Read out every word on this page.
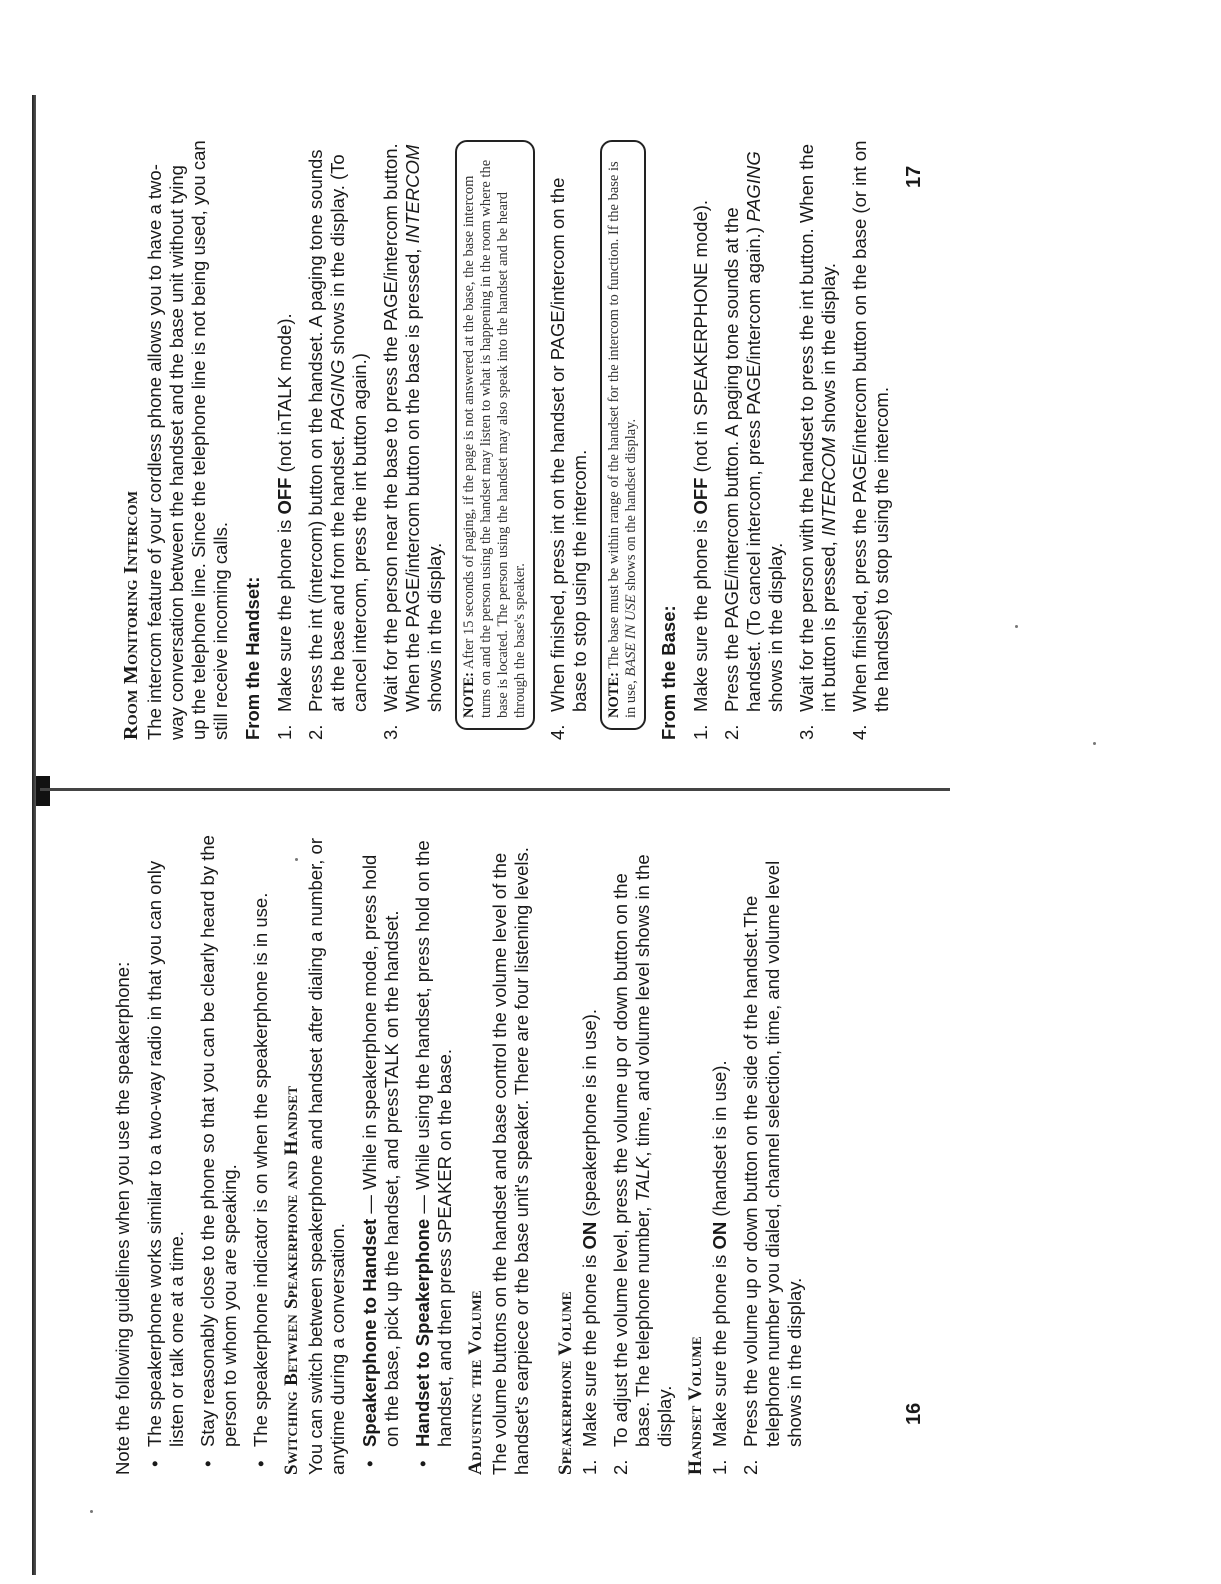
Note the following guidelines when you use the speakerphone: • The speakerphone works similar to a two-way radio in that you can only listen or talk one at a time. • Stay reasonably close to the phone so that you can be clearly heard by the person to whom you are speaking. • The speakerphone indicator is on when the speakerphone is in use. Switching Between Speakerphone and Handset You can switch between speakerphone and handset after dialing a number, or anytime during a conversation. • Speakerphone to Handset — While in speakerphone mode, press hold on the base, pick up the handset, and pressTALK on the handset. • Handset to Speakerphone — While using the handset, press hold on the handset, and then press SPEAKER on the base. Adjusting the Volume The volume buttons on the handset and base control the volume level of the handset's earpiece or the base unit's speaker. There are four listening levels. Speakerphone Volume 1.
Make sure the phone is ON (speakerphone is in use).
2.
To adjust the volume level, press the volume up or down button on the base. The telephone number, TALK, time, and volume level shows in the display. Handset Volume 1.
Make sure the phone is ON (handset is in use).
2.
Press the volume up or down button on the side of the handset.The telephone number you dialed, channel selection, time, and volume level shows in the display.
Room Monitoring Intercom The intercom feature of your cordless phone allows you to have a two-way conversation between the handset and the base unit without tying up the telephone line. Since the telephone line is not being used, you can still receive incoming calls. From the Handset: 1.
Make sure the phone is OFF (not inTALK mode).
2.
Press the int (intercom) button on the handset. A paging tone sounds at the base and from the handset. PAGING shows in the display. (To cancel intercom, press the int button again.)
3.
Wait for the person near the base to press the PAGE/intercom button. When the PAGE/intercom button on the base is pressed, INTERCOM shows in the display.	NOTE: After 15 seconds of paging, if the page is not answered at the base, the base intercom turns on and the person using the handset may listen to what is happening in the room where the base is located. The person using the handset may also speak into the handset and be heard through the base's speaker.
4.
When finished, press int on the handset or PAGE/intercom on the base to stop using the intercom.	NOTE: The base must be within range of the handset for the intercom to function. If the base is in use, BASE IN USE shows on the handset display.
From the Base: 1.
Make sure the phone is OFF (not in SPEAKERPHONE mode).
2.
Press the PAGE/intercom button. A paging tone sounds at the handset. (To cancel intercom, press PAGE/intercom again.) PAGING shows in the display.
3.
Wait for the person with the handset to press the int button. When the int button is pressed, INTERCOM shows in the display.
4.
When finished, press the PAGE/intercom button on the base (or int on the handset) to stop using the intercom.
16
17
